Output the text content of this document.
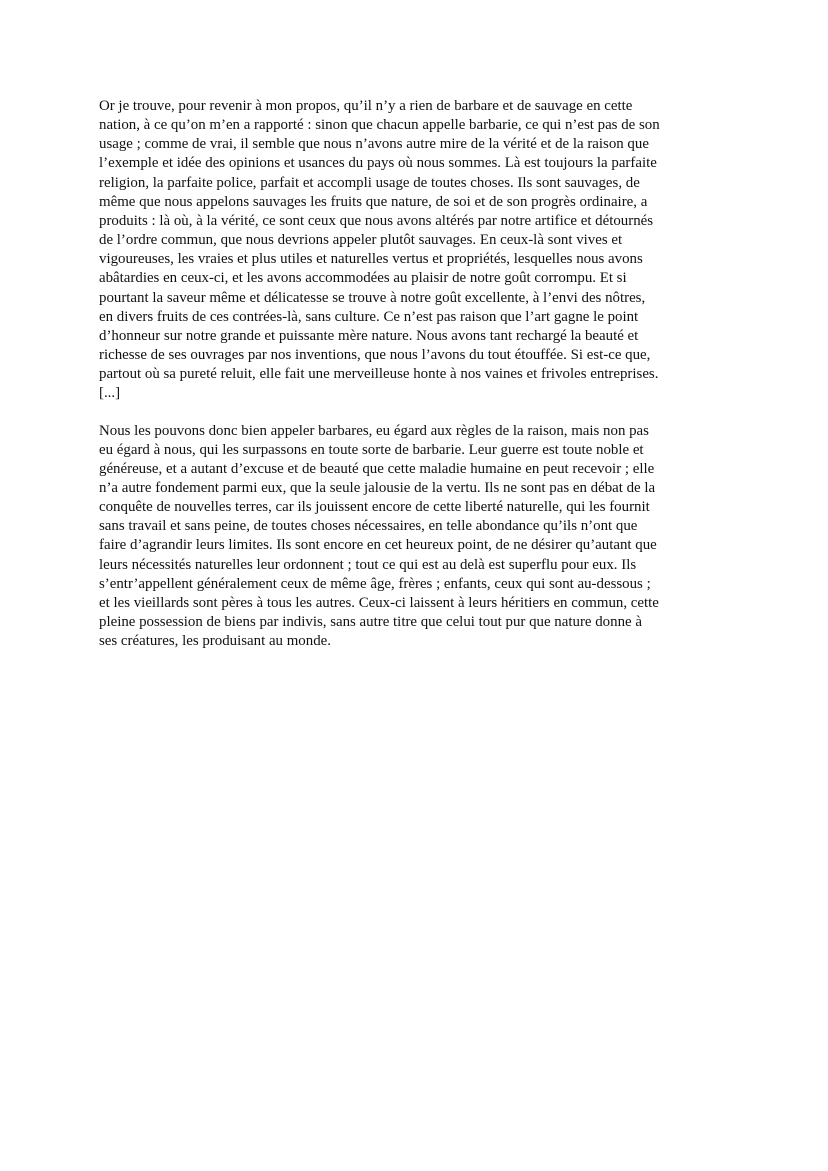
Or je trouve, pour revenir à mon propos, qu’il n’y a rien de barbare et de sauvage en cette
nation, à ce qu’on m’en a rapporté : sinon que chacun appelle barbarie, ce qui n’est pas de son
usage ; comme de vrai, il semble que nous n’avons autre mire de la vérité et de la raison que
l’exemple et idée des opinions et usances du pays où nous sommes. Là est toujours la parfaite
religion, la parfaite police, parfait et accompli usage de toutes choses. Ils sont sauvages, de
même que nous appelons sauvages les fruits que nature, de soi et de son progrès ordinaire, a
produits : là où, à la vérité, ce sont ceux que nous avons altérés par notre artifice et détournés
de l’ordre commun, que nous devrions appeler plutôt sauvages. En ceux-là sont vives et
vigoureuses, les vraies et plus utiles et naturelles vertus et propriétés, lesquelles nous avons
abâtardies en ceux-ci, et les avons accommodées au plaisir de notre goût corrompu. Et si
pourtant la saveur même et délicatesse se trouve à notre goût excellente, à l’envi des nôtres,
en divers fruits de ces contrées-là, sans culture. Ce n’est pas raison que l’art gagne le point
d’honneur sur notre grande et puissante mère nature. Nous avons tant rechargé la beauté et
richesse de ses ouvrages par nos inventions, que nous l’avons du tout étouffée. Si est-ce que,
partout où sa pureté reluit, elle fait une merveilleuse honte à nos vaines et frivoles entreprises.
[...]

Nous les pouvons donc bien appeler barbares, eu égard aux règles de la raison, mais non pas
eu égard à nous, qui les surpassons en toute sorte de barbarie. Leur guerre est toute noble et
généreuse, et a autant d’excuse et de beauté que cette maladie humaine en peut recevoir ; elle
n’a autre fondement parmi eux, que la seule jalousie de la vertu. Ils ne sont pas en débat de la
conquête de nouvelles terres, car ils jouissent encore de cette liberté naturelle, qui les fournit
sans travail et sans peine, de toutes choses nécessaires, en telle abondance qu’ils n’ont que
faire d’agrandir leurs limites. Ils sont encore en cet heureux point, de ne désirer qu’autant que
leurs nécessités naturelles leur ordonnent ; tout ce qui est au delà est superflu pour eux. Ils
s’entr’appellent généralement ceux de même âge, frères ; enfants, ceux qui sont au-dessous ;
et les vieillards sont pères à tous les autres. Ceux-ci laissent à leurs héritiers en commun, cette
pleine possession de biens par indivis, sans autre titre que celui tout pur que nature donne à
ses créatures, les produisant au monde.
